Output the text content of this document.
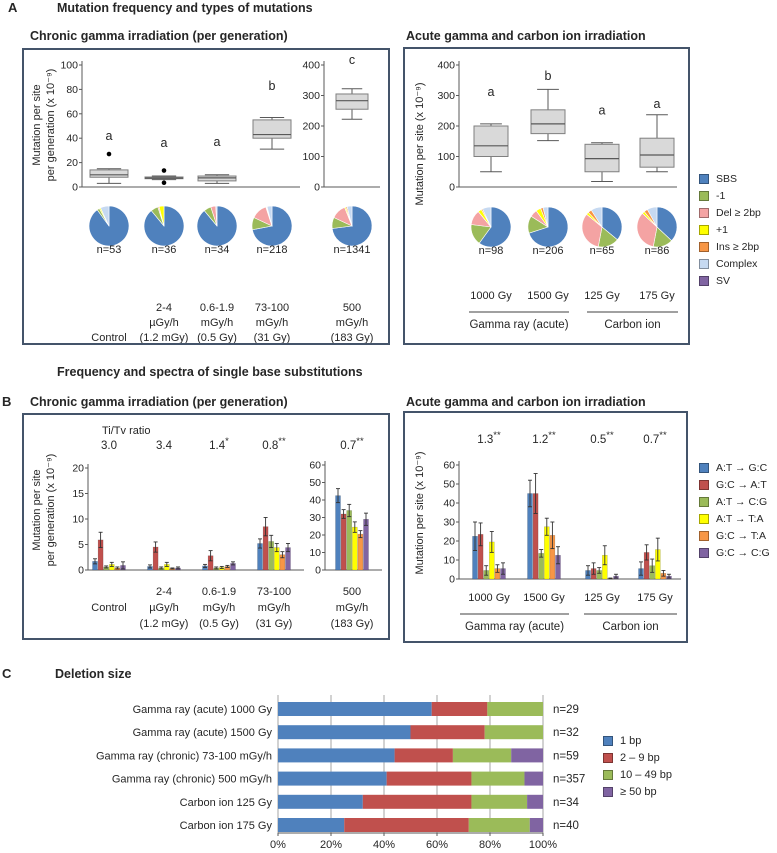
A	Mutation frequency and types of mutations
Chronic gamma irradiation (per generation)	Acute gamma and carbon ion irradiation
Mutation per site per generation (x 10⁻⁹)
0
20
40
60
80
100
0
100
200
300
400
a
n=53
Control
a
n=36
2-4
µGy/h
(1.2 mGy)
a
n=34
0.6-1.9
mGy/h
(0.5 Gy)
b
n=218
73-100
mGy/h
(31 Gy)
c
n=1341
500
mGy/h
(183 Gy)
Mutation per site (x 10⁻⁹) 0
100
200
300
400
a
n=98
1000 Gy
b
n=206
1500 Gy
a
n=65
125 Gy
a
n=86
175 Gy
Gamma ray (acute)	Carbon ion
SBS
-1
Del ≥ 2bp
+1
Ins ≥ 2bp
Complex
SV
Frequency and spectra of single base substitutions
B Chronic gamma irradiation (per generation)	Acute gamma and carbon ion irradiation
Mutation per site per generation (x 10⁻⁹)
Ti/Tv ratio
0
5
10
15
20
0
10
20
30
40
50
60
3.0
Control
3.4
2-4
µGy/h
(1.2 mGy)
1.4*
0.6-1.9
mGy/h
(0.5 Gy)
0.8**
73-100
mGy/h
(31 Gy)
0.7**
500
mGy/h
(183 Gy)
Mutation per site (x 10⁻⁹)
0
10
20
30
40
50
60
1.3**
1000 Gy
1.2**
1500 Gy
0.5**
125 Gy
0.7**
175 Gy
Gamma ray (acute)	Carbon ion
A:T → G:C
G:C → A:T
A:T → C:G
A:T → T:A
G:C → T:A
G:C → C:G
C	Deletion size
0%	20%	40%	60%	80%	100%
Gamma ray (acute) 1000 Gy	n=29
Gamma ray (acute) 1500 Gy	n=32
Gamma ray (chronic) 73-100 mGy/h	n=59
Gamma ray (chronic) 500 mGy/h	n=357
Carbon ion 125 Gy	n=34
Carbon ion 175 Gy	n=40
1 bp
2 – 9 bp
10 – 49 bp
≥ 50 bp
